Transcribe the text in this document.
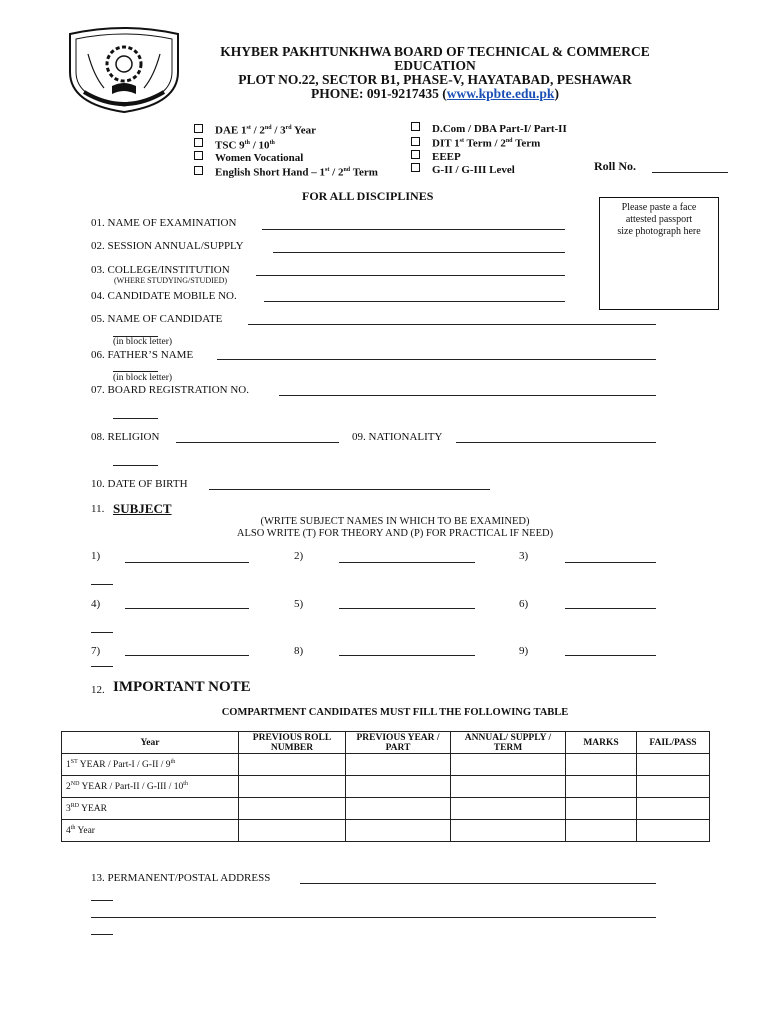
KHYBER PAKHTUNKHWA BOARD OF TECHNICAL & COMMERCE
EDUCATION
PLOT NO.22, SECTOR B1, PHASE-V, HAYATABAD, PESHAWAR
PHONE: 091-9217435 (www.kpbte.edu.pk)
DAE 1st / 2nd / 3rd Year
TSC 9th / 10th
Women Vocational
English Short Hand – 1st / 2nd Term
D.Com / DBA Part-I/ Part-II
DIT 1st Term / 2nd Term
EEEP
G-II / G-III Level	Roll No.
FOR ALL DISCIPLINES
Please paste a face attested passport size photograph here
01. NAME OF EXAMINATION
02. SESSION ANNUAL/SUPPLY
03. COLLEGE/INSTITUTION
(WHERE STUDYING/STUDIED)
04. CANDIDATE MOBILE NO.
05. NAME OF CANDIDATE
(in block letter)
06. FATHER’S NAME
(in block letter)
07. BOARD REGISTRATION NO.
08. RELIGION	09. NATIONALITY
10. DATE OF BIRTH
11. SUBJECT
(WRITE SUBJECT NAMES IN WHICH TO BE EXAMINED)
ALSO WRITE (T) FOR THEORY AND (P) FOR PRACTICAL IF NEED)
1)	2)	3)
4)	5)	6)
7)	8)	9)
12. IMPORTANT NOTE
COMPARTMENT CANDIDATES MUST FILL THE FOLLOWING TABLE
Year	PREVIOUS ROLL NUMBER	PREVIOUS YEAR / PART	ANNUAL/ SUPPLY / TERM	MARKS	FAIL/PASS
1ST YEAR / Part-I / G-II / 9th					
2ND YEAR / Part-II / G-III / 10th					
3RD YEAR					
4th Year					
13. PERMANENT/POSTAL ADDRESS
